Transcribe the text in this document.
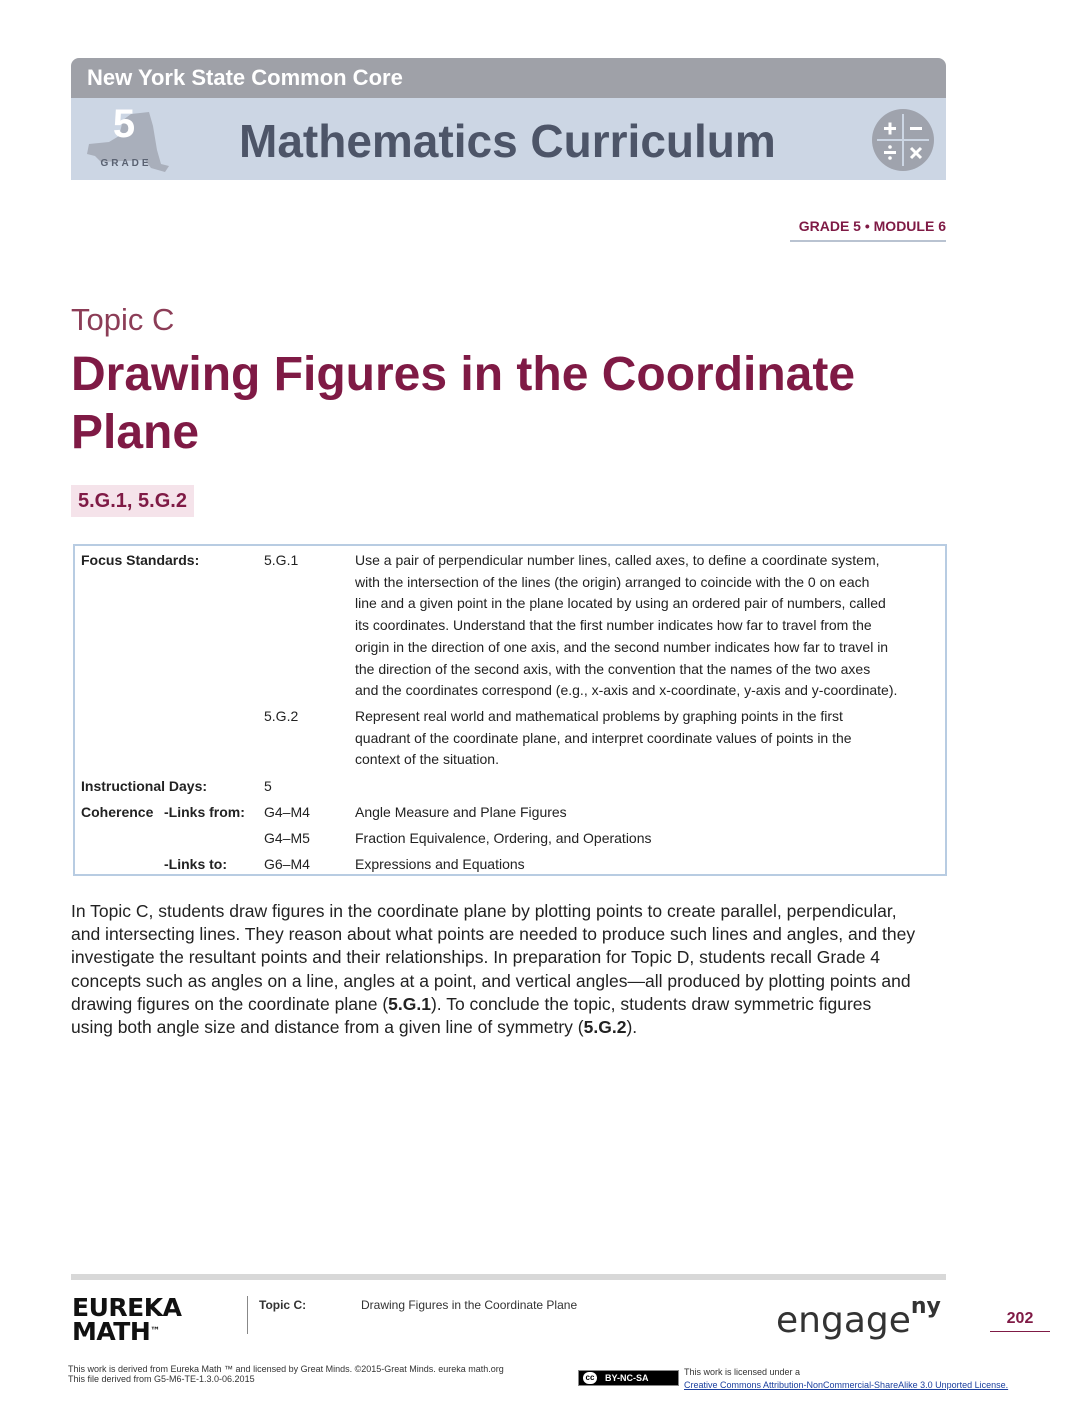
New York State Common Core
5
GRADE Mathematics Curriculum
GRADE 5 • MODULE 6
Topic C
Drawing Figures in the Coordinate Plane
5.G.1, 5.G.2
Focus Standards:	5.G.1	Use a pair of perpendicular number lines, called axes, to define a coordinate system,
with the intersection of the lines (the origin) arranged to coincide with the 0 on each
line and a given point in the plane located by using an ordered pair of numbers, called
its coordinates. Understand that the first number indicates how far to travel from the
origin in the direction of one axis, and the second number indicates how far to travel in
the direction of the second axis, with the convention that the names of the two axes
and the coordinates correspond (e.g., x-axis and x-coordinate, y-axis and y-coordinate).
5.G.2	Represent real world and mathematical problems by graphing points in the first
quadrant of the coordinate plane, and interpret coordinate values of points in the
context of the situation.
Instructional Days:	5
Coherence -Links from: G4–M4	Angle Measure and Plane Figures
G4–M5	Fraction Equivalence, Ordering, and Operations
-Links to:	G6–M4	Expressions and Equations
In Topic C, students draw figures in the coordinate plane by plotting points to create parallel, perpendicular,
and intersecting lines. They reason about what points are needed to produce such lines and angles, and they
investigate the resultant points and their relationships. In preparation for Topic D, students recall Grade 4
concepts such as angles on a line, angles at a point, and vertical angles—all produced by plotting points and
drawing figures on the coordinate plane (5.G.1). To conclude the topic, students draw symmetric figures
using both angle size and distance from a given line of symmetry (5.G.2).
EUREKA
MATH™
Topic C:	Drawing Figures in the Coordinate Plane	engage$^{ny}$	202
This work is derived from Eureka Math ™ and licensed by Great Minds. ©2015-Great Minds. eureka math.org
This file derived from G5-M6-TE-1.3.0-06.2015	cc BY-NC-SA
This work is licensed under a
Creative Commons Attribution-NonCommercial-ShareAlike 3.0 Unported License.
